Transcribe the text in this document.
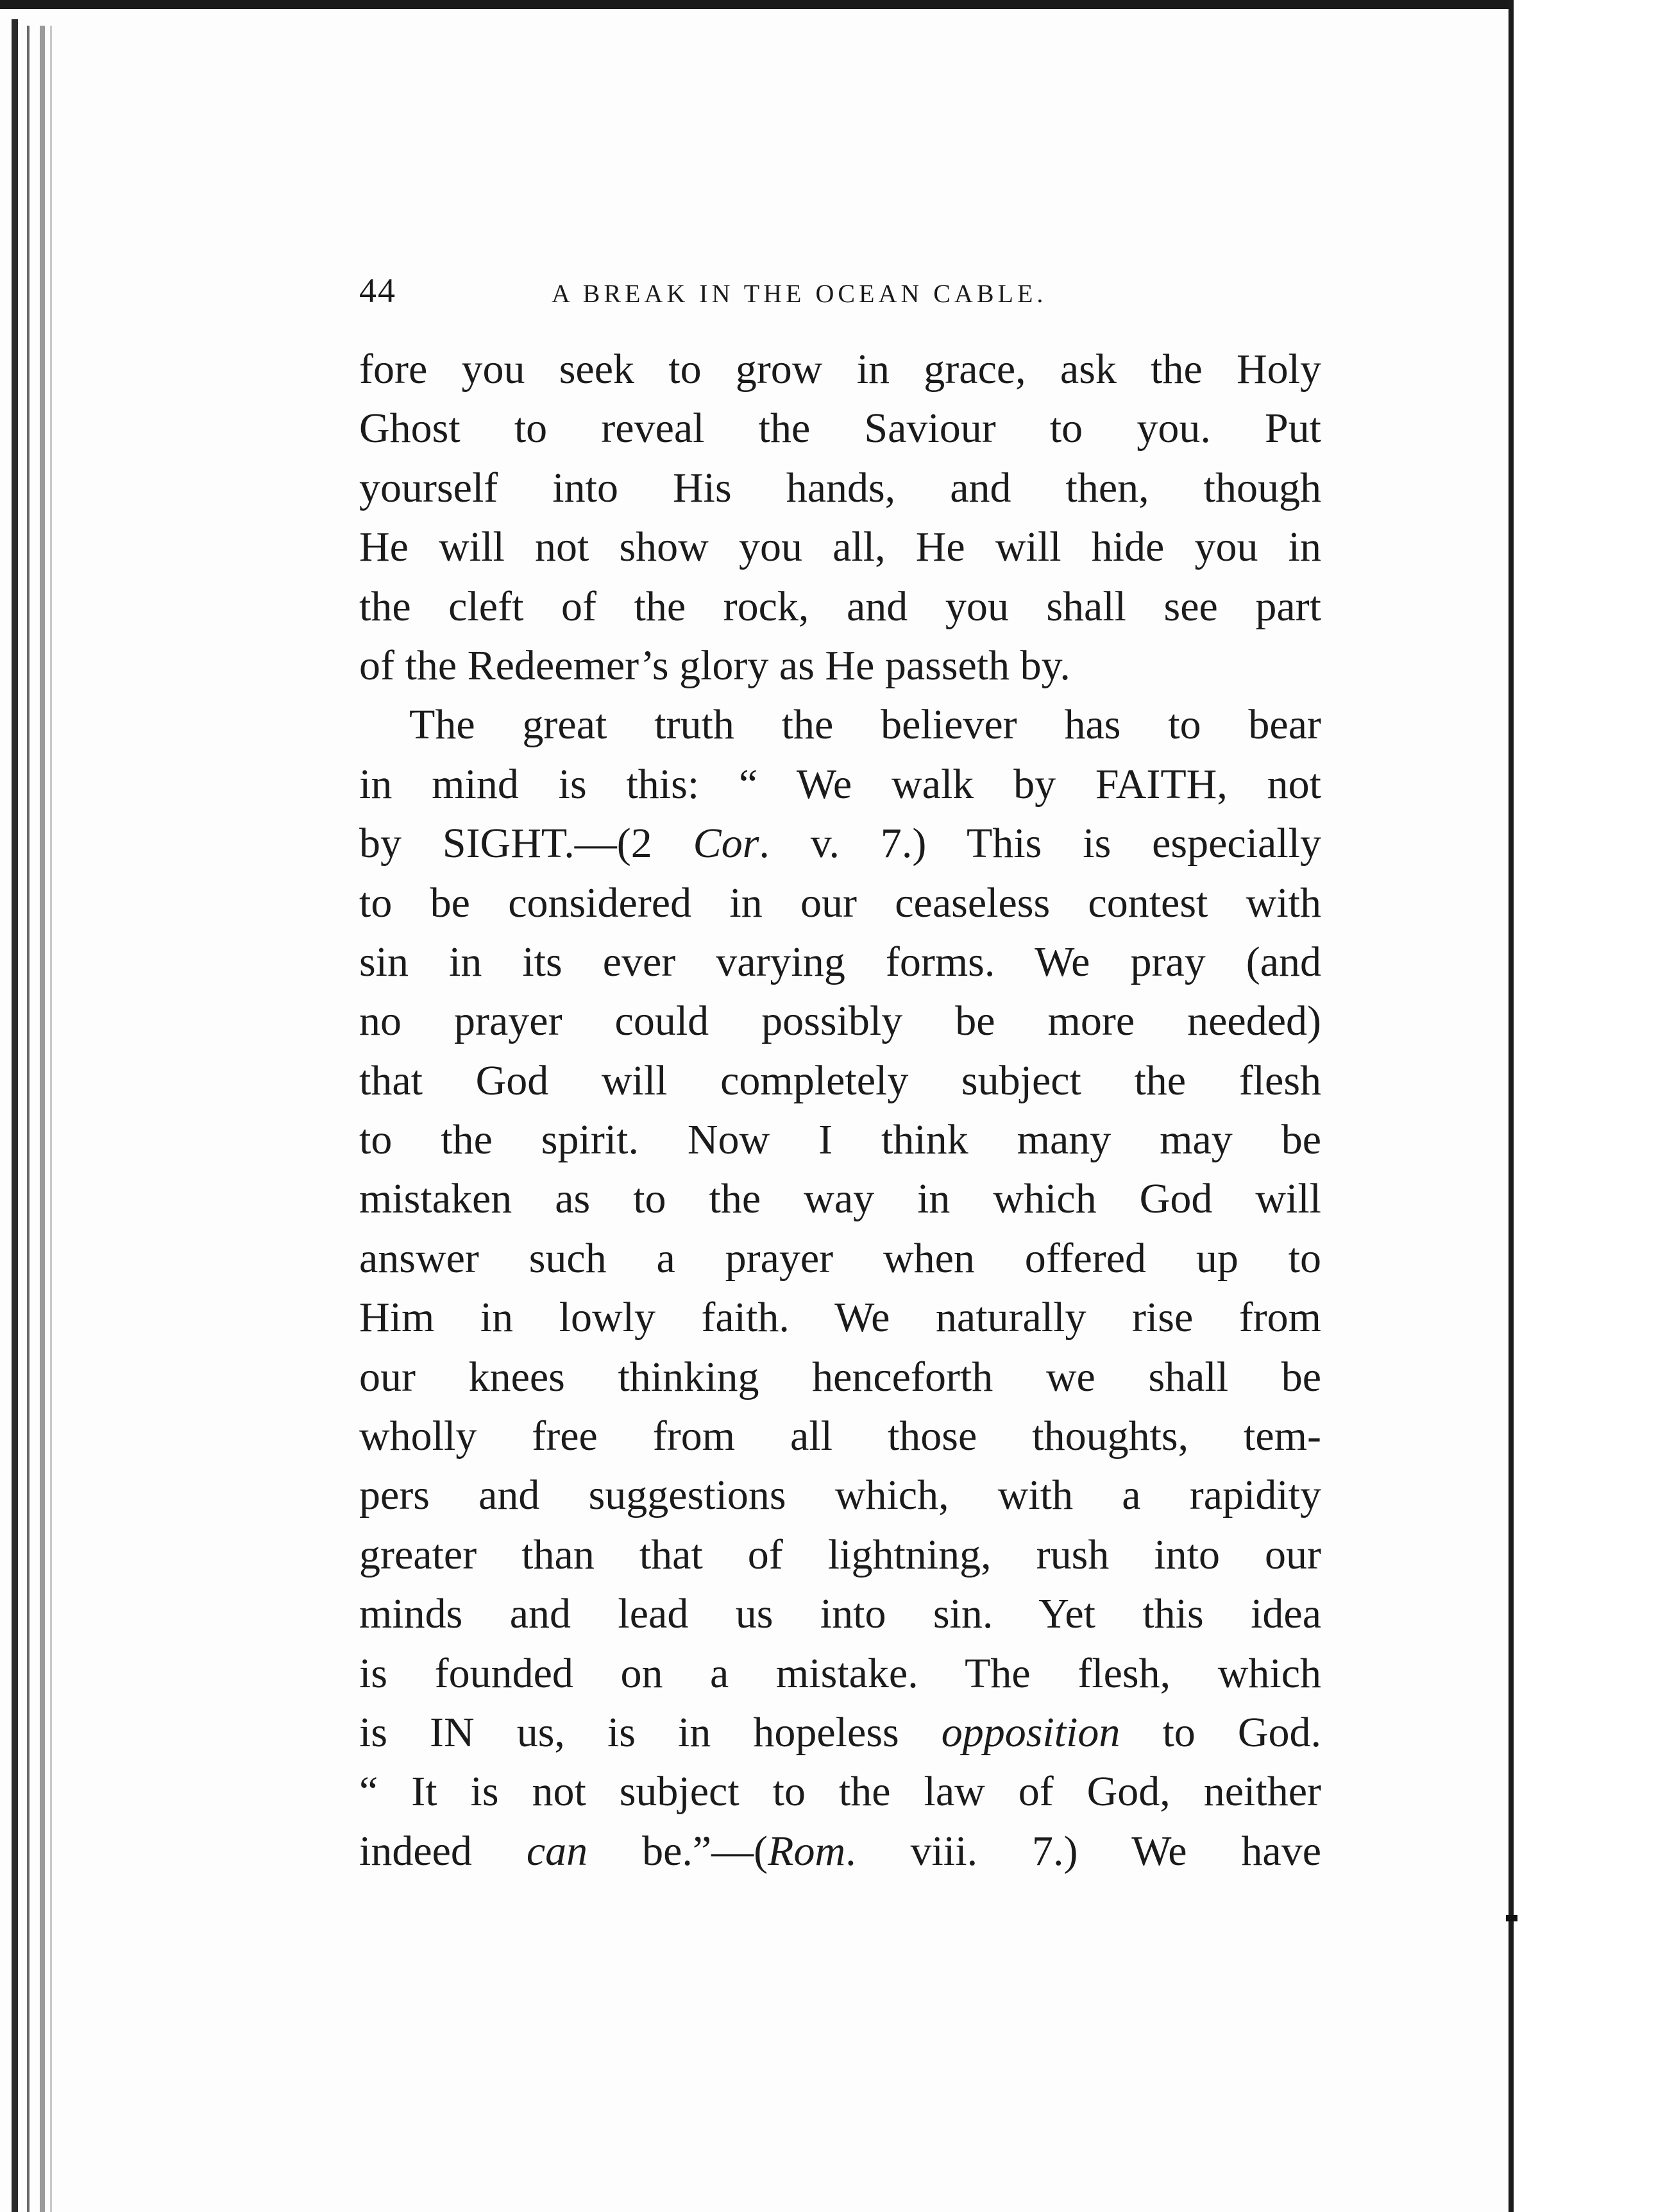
44	A BREAK IN THE OCEAN CABLE.
fore you seek to grow in grace, ask the Holy
Ghost to reveal the Saviour to you. Put
yourself into His hands, and then, though
He will not show you all, He will hide you in
the cleft of the rock, and you shall see part
of the Redeemer’s glory as He passeth by.
The great truth the believer has to bear
in mind is this: “ We walk by FAITH, not
by SIGHT.—(2 Cor. v. 7.) This is especially
to be considered in our ceaseless contest with
sin in its ever varying forms. We pray (and
no prayer could possibly be more needed)
that God will completely subject the flesh
to the spirit. Now I think many may be
mistaken as to the way in which God will
answer such a prayer when offered up to
Him in lowly faith. We naturally rise from
our knees thinking henceforth we shall be
wholly free from all those thoughts, tem-
pers and suggestions which, with a rapidity
greater than that of lightning, rush into our
minds and lead us into sin. Yet this idea
is founded on a mistake. The flesh, which
is IN us, is in hopeless opposition to God.
“ It is not subject to the law of God, neither
indeed can be.”—(Rom. viii. 7.) We have
